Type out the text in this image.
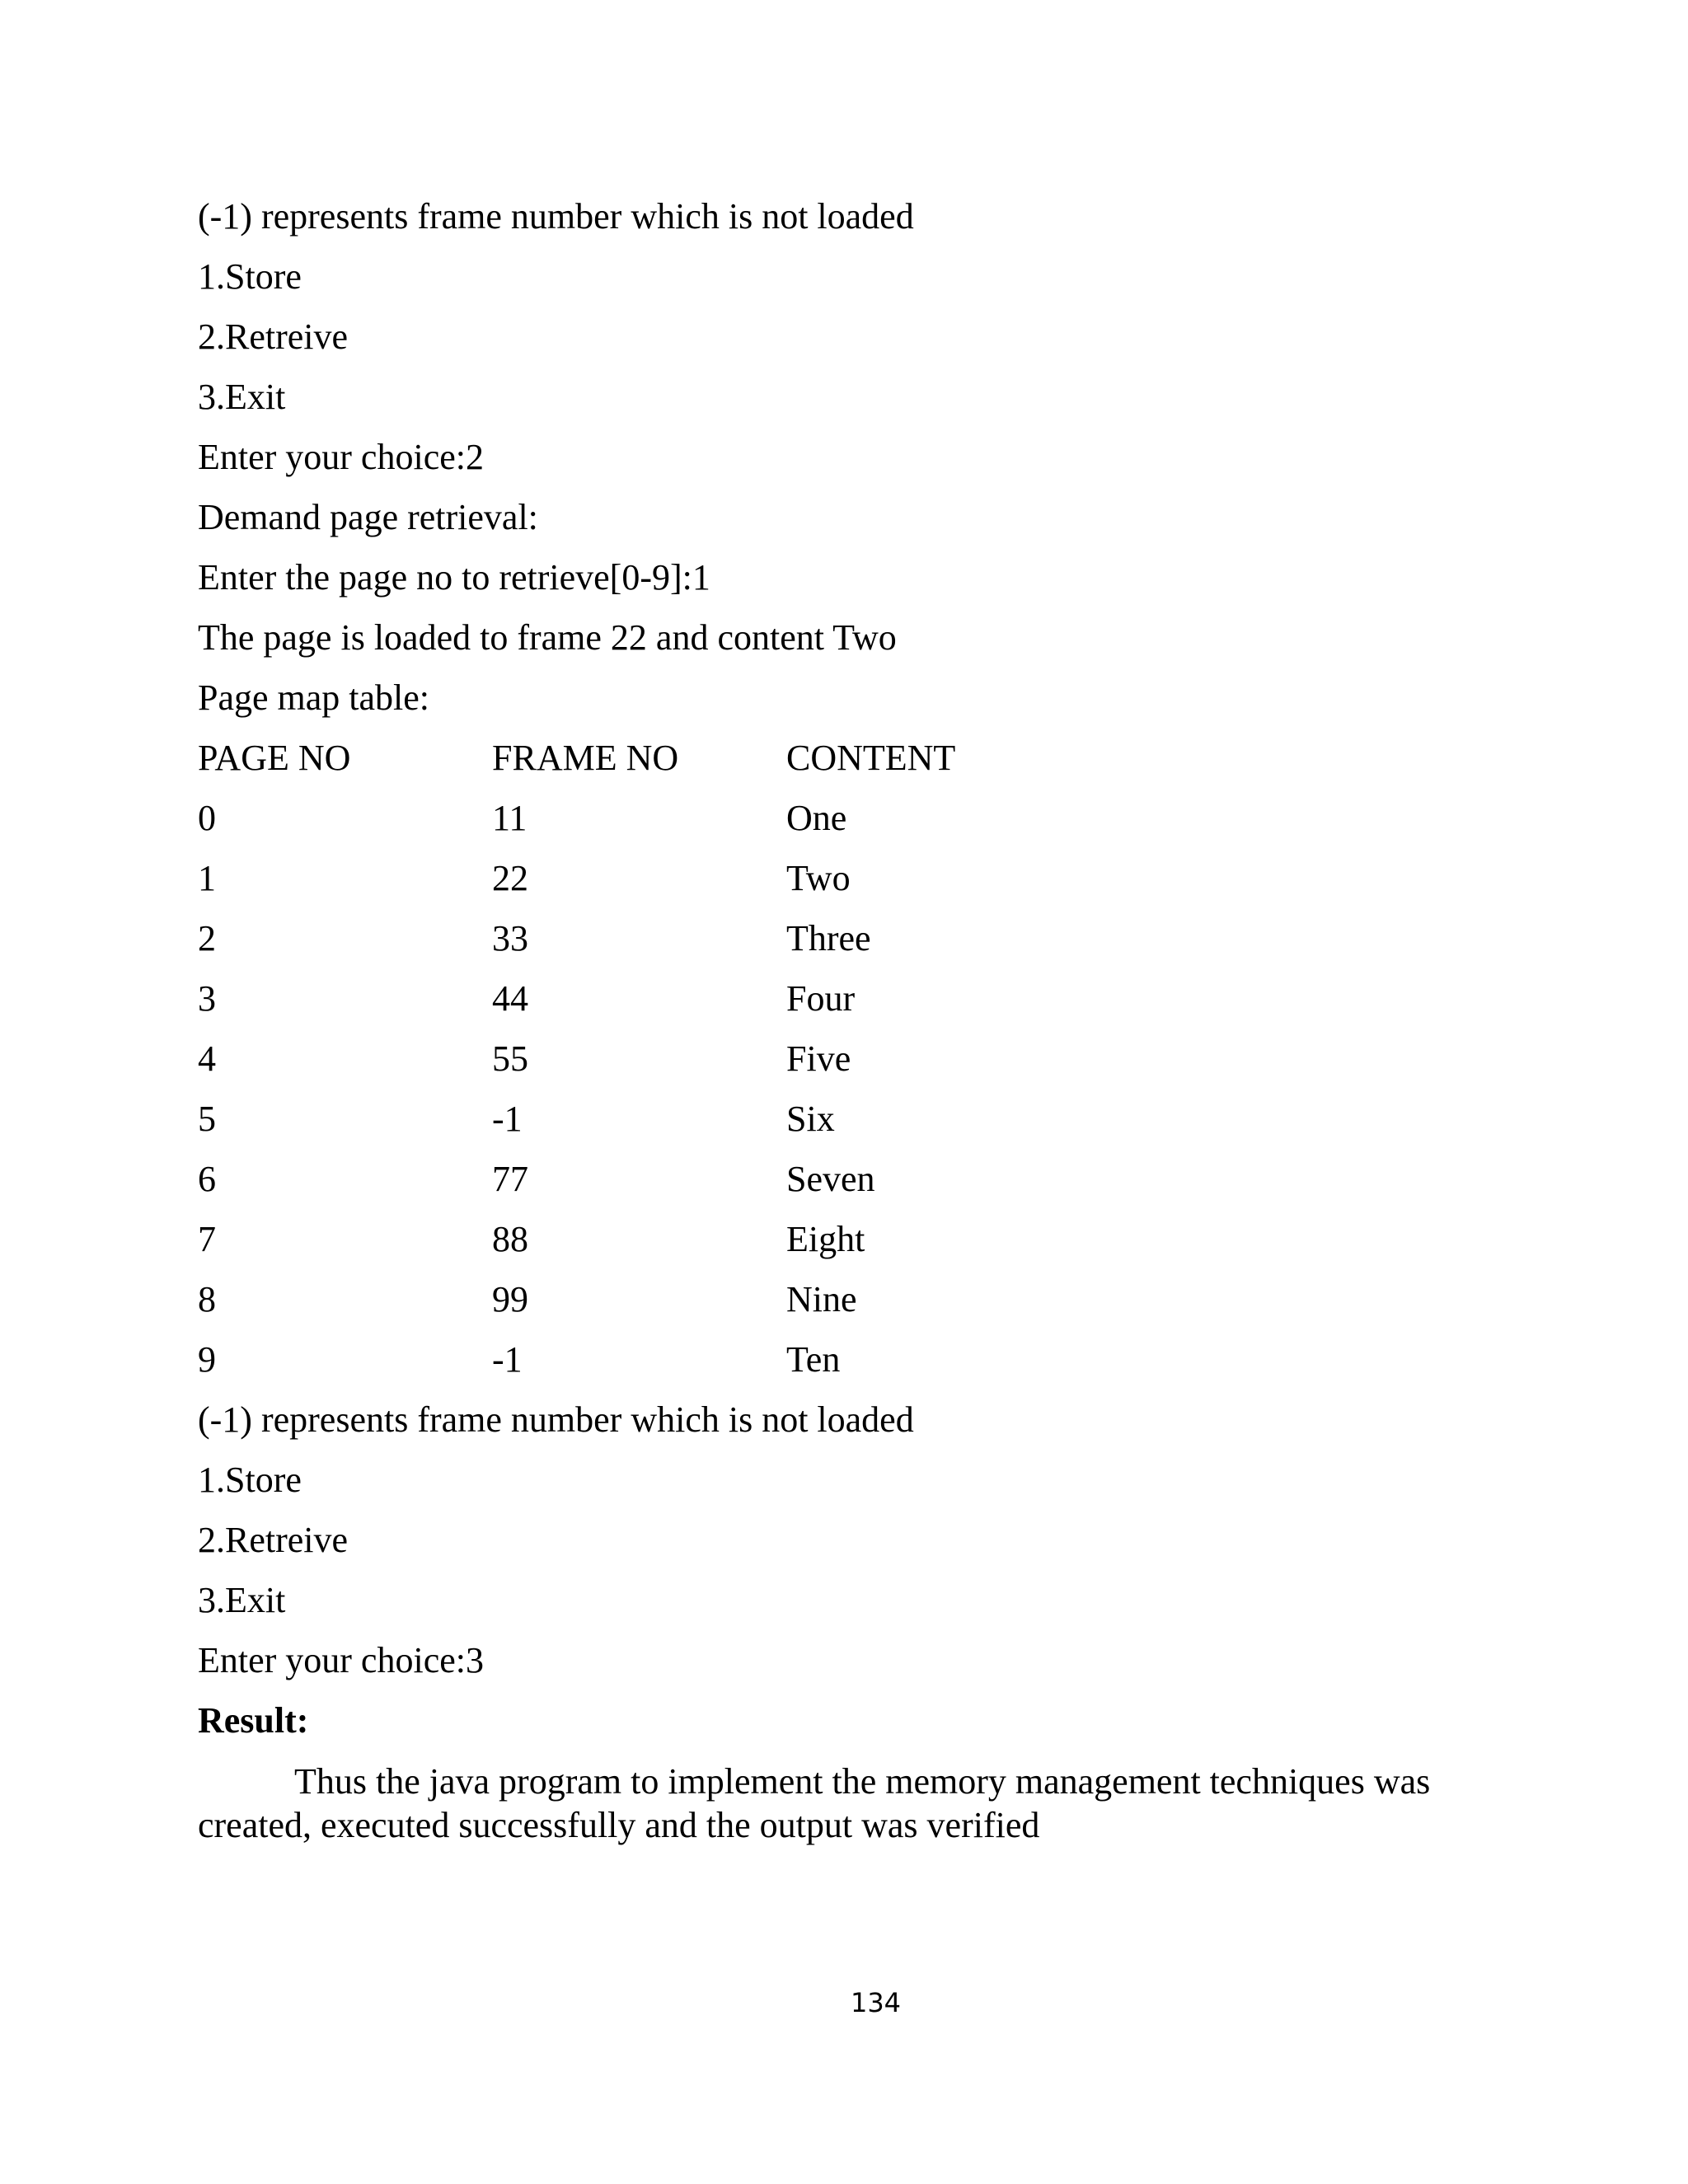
(-1) represents frame number which is not loaded
1.Store
2.Retreive
3.Exit
Enter your choice:2
Demand page retrieval:
Enter the page no to retrieve[0-9]:1
The page is loaded to frame 22 and content Two
Page map table:
PAGE NO	FRAME NO	CONTENT
0	11	One
1	22	Two
2	33	Three
3	44	Four
4	55	Five
5	-1	Six
6	77	Seven
7	88	Eight
8	99	Nine
9	-1	Ten
(-1) represents frame number which is not loaded
1.Store
2.Retreive
3.Exit
Enter your choice:3
Result:
Thus the java program to implement the memory management techniques was
created, executed successfully and the output was verified
134
